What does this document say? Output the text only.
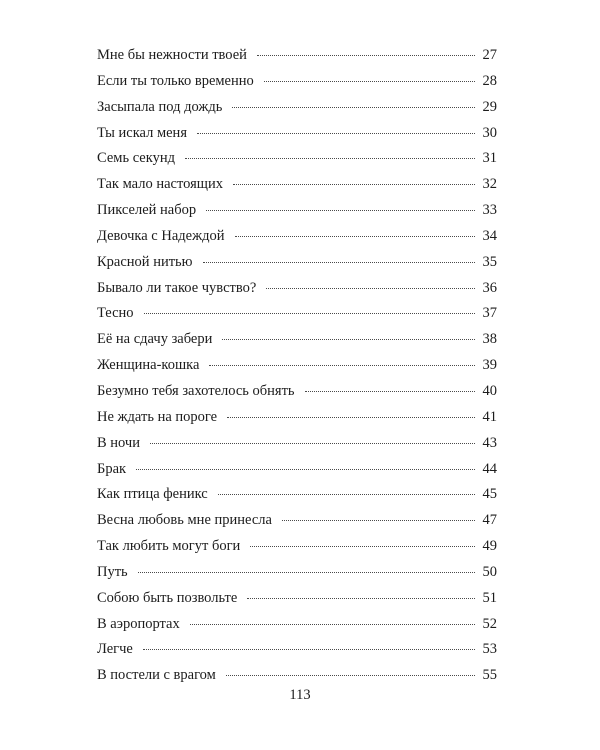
Мне бы нежности твоей	27
Если ты только временно	28
Засыпала под дождь	29
Ты искал меня	30
Семь секунд	31
Так мало настоящих	32
Пикселей набор	33
Девочка с Надеждой	34
Красной нитью	35
Бывало ли такое чувство?	36
Тесно	37
Её на сдачу забери	38
Женщина-кошка	39
Безумно тебя захотелось обнять	40
Не ждать на пороге	41
В ночи	43
Брак	44
Как птица феникс	45
Весна любовь мне принесла	47
Так любить могут боги	49
Путь	50
Собою быть позвольте	51
В аэропортах	52
Легче	53
В постели с врагом	55
113
